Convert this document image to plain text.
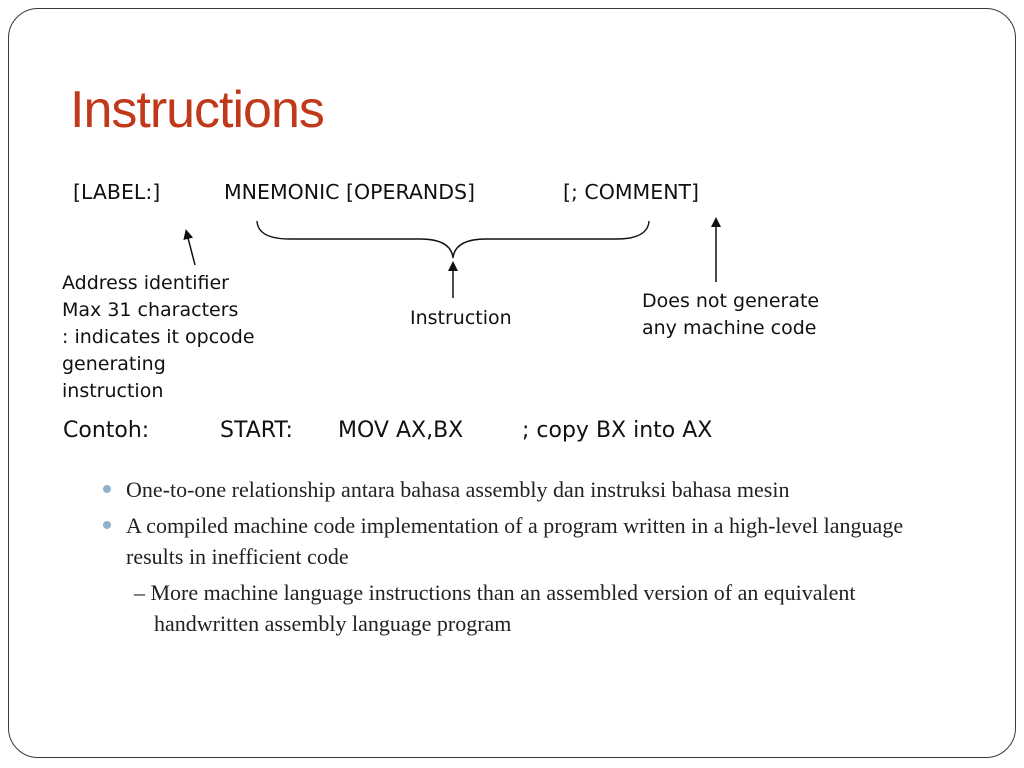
Instructions
[LABEL:]	MNEMONIC [OPERANDS]	[; COMMENT]
Address identifier
Max 31 characters
: indicates it opcode
generating
instruction
Instruction
Does not generate
any machine code
Contoh:	START: MOV AX,BX	; copy BX into AX
One-to-one relationship antara bahasa assembly dan instruksi bahasa mesin
A compiled machine code implementation of a program written in a high-level language results in inefficient code
– More machine language instructions than an assembled version of an equivalent handwritten assembly language program
